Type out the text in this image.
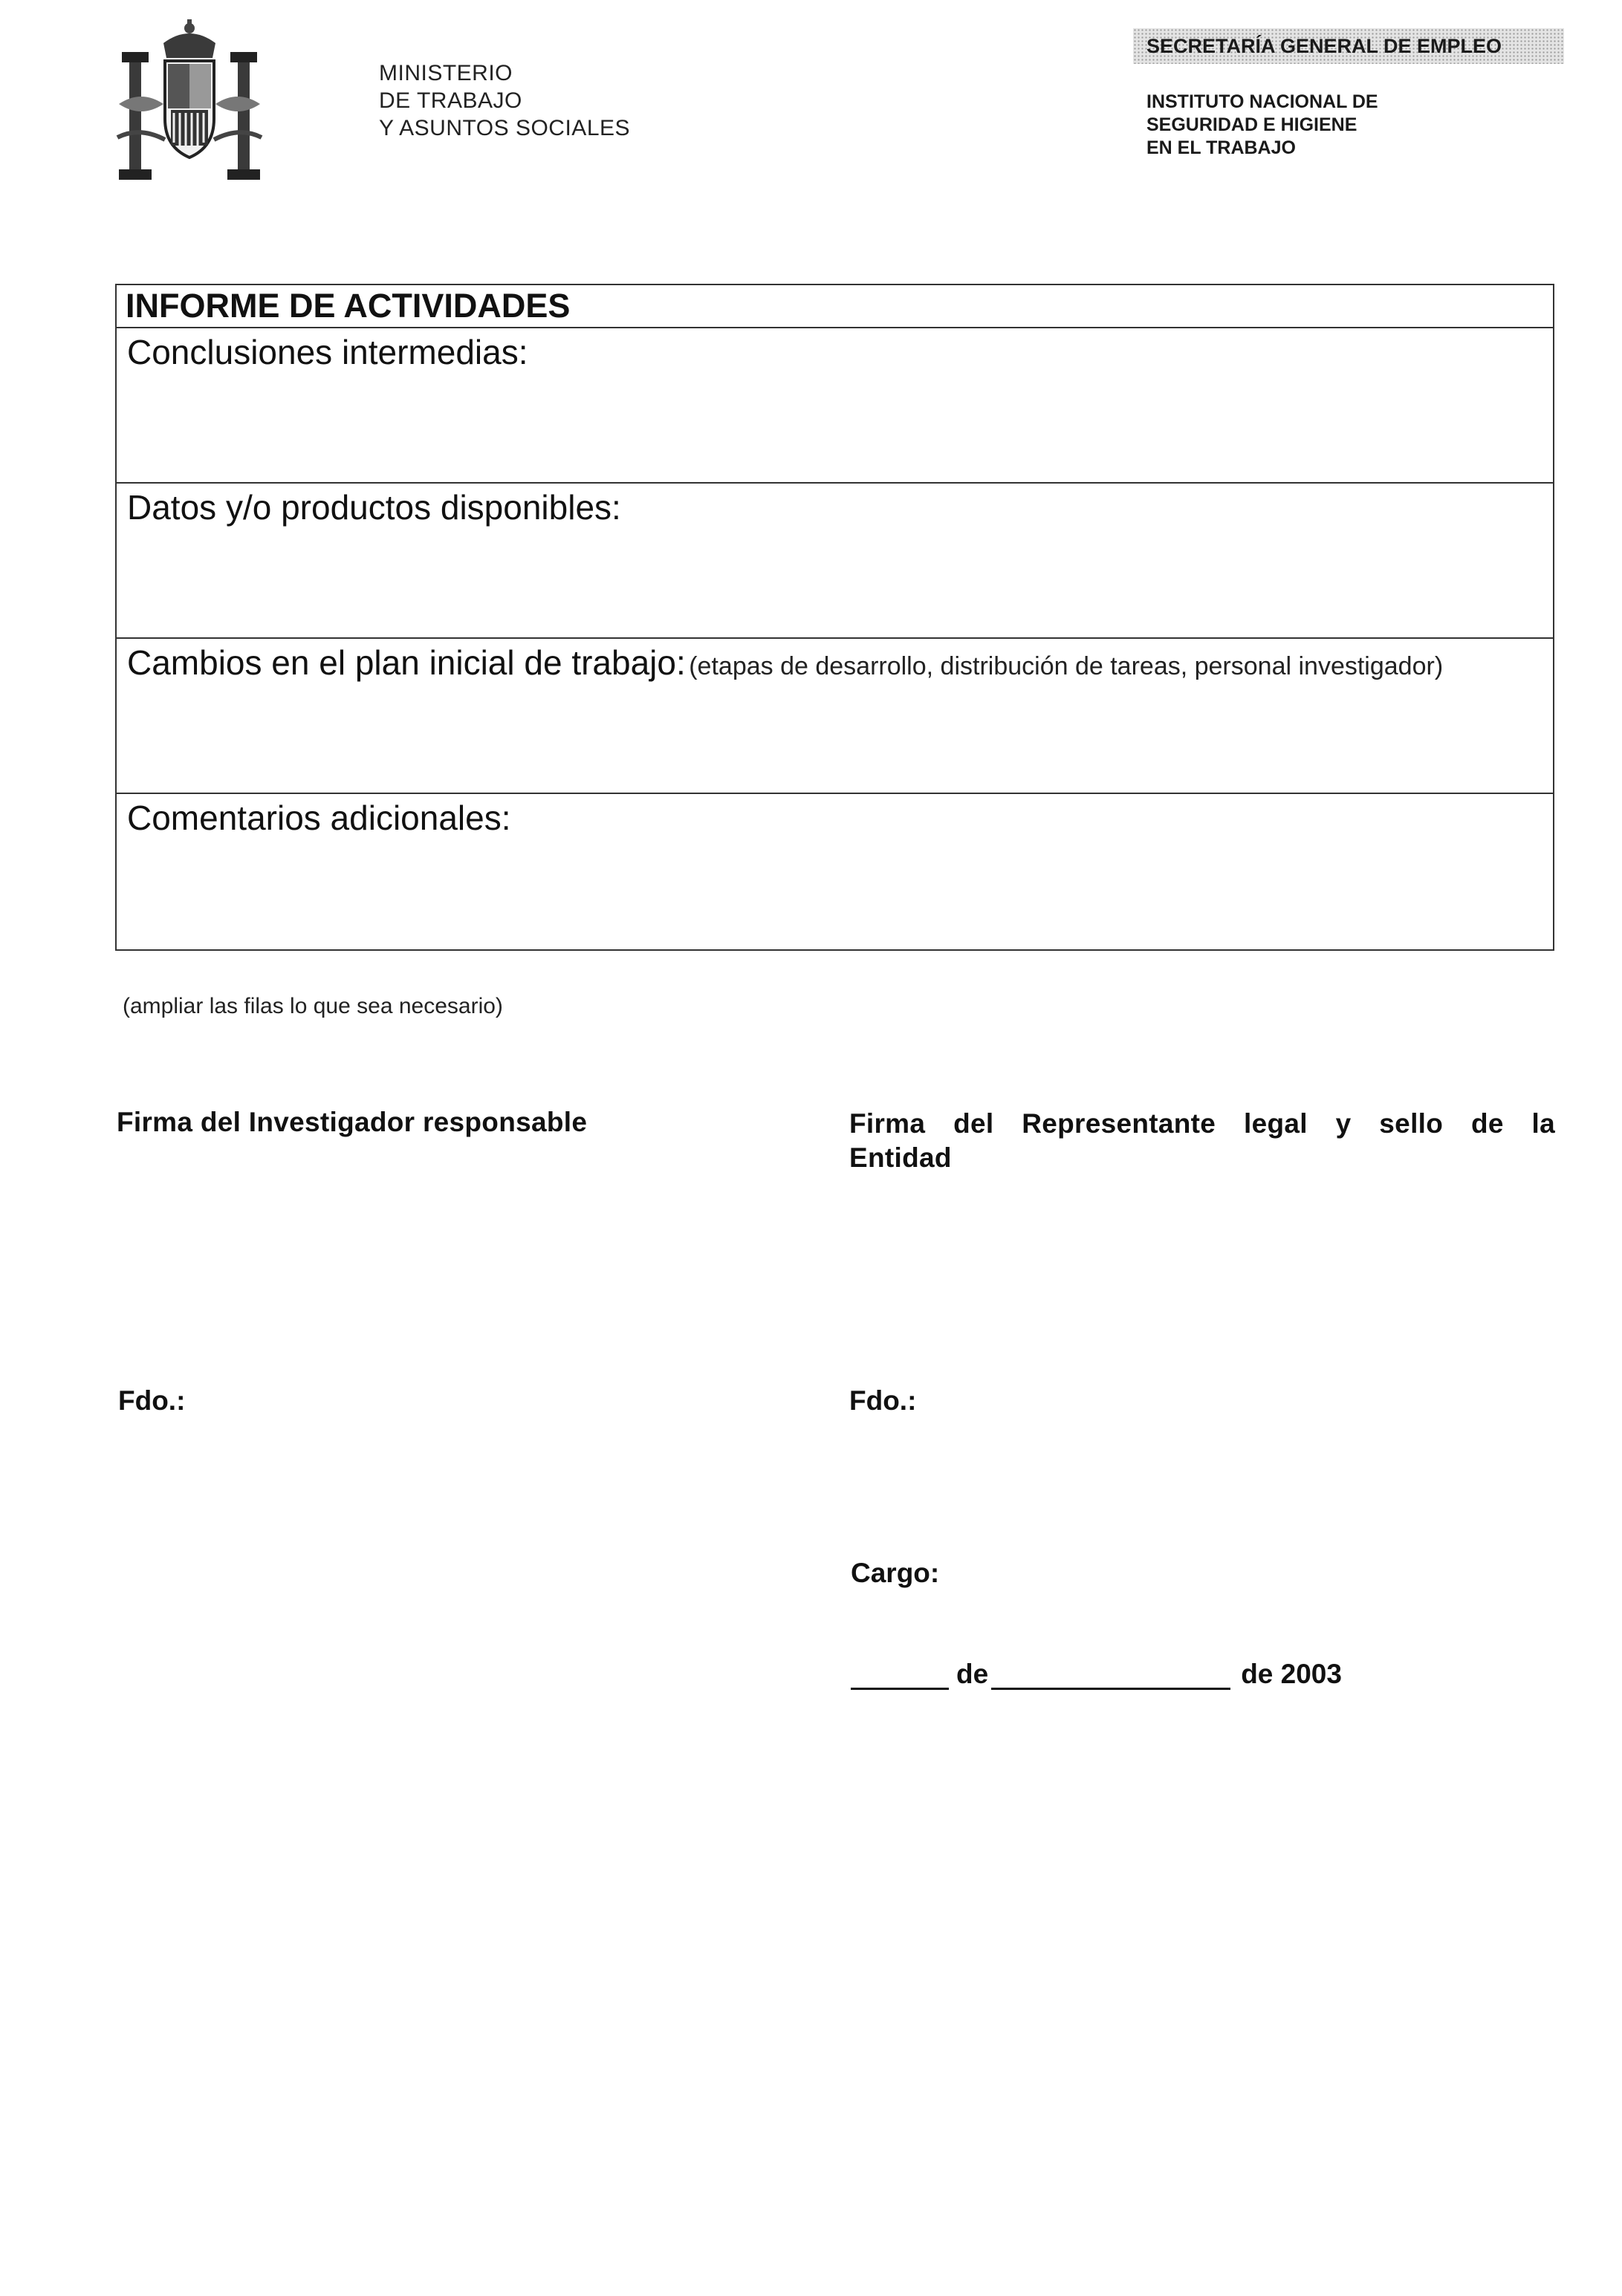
MINISTERIO
DE TRABAJO
Y ASUNTOS SOCIALES
SECRETARÍA GENERAL DE EMPLEO
INSTITUTO NACIONAL DE
SEGURIDAD E HIGIENE
EN EL TRABAJO
INFORME DE ACTIVIDADES
Conclusiones intermedias:
Datos y/o productos disponibles:
Cambios en el plan inicial de trabajo: (etapas de desarrollo, distribución de tareas, personal investigador)
Comentarios adicionales:
(ampliar las filas lo que sea necesario)
Firma del Investigador responsable	Firma del Representante legal y sello de la
Entidad
Fdo.:	Fdo.:
Cargo:
de	de 2003
